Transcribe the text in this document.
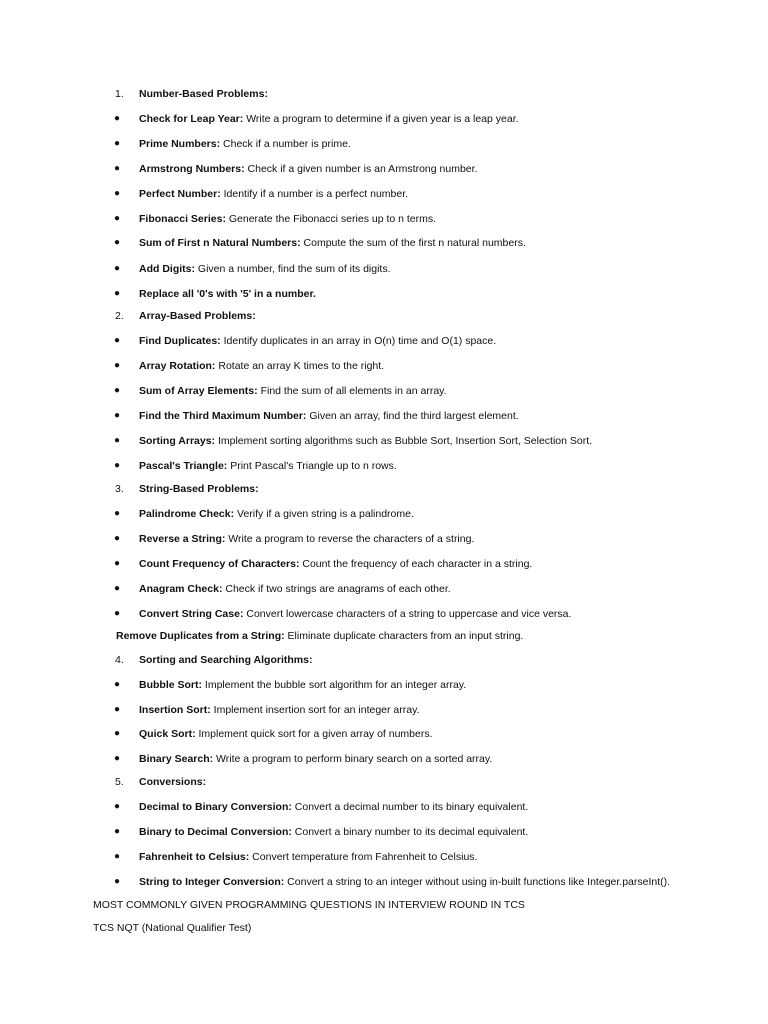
1. Number-Based Problems:
● Check for Leap Year: Write a program to determine if a given year is a leap year.
● Prime Numbers: Check if a number is prime.
● Armstrong Numbers: Check if a given number is an Armstrong number.
● Perfect Number: Identify if a number is a perfect number.
● Fibonacci Series: Generate the Fibonacci series up to n terms.
● Sum of First n Natural Numbers: Compute the sum of the first n natural numbers.
● Add Digits: Given a number, find the sum of its digits.
● Replace all '0's with '5' in a number.
2. Array-Based Problems:
● Find Duplicates: Identify duplicates in an array in O(n) time and O(1) space.
● Array Rotation: Rotate an array K times to the right.
● Sum of Array Elements: Find the sum of all elements in an array.
● Find the Third Maximum Number: Given an array, find the third largest element.
● Sorting Arrays: Implement sorting algorithms such as Bubble Sort, Insertion Sort, Selection Sort.
● Pascal's Triangle: Print Pascal's Triangle up to n rows.
3. String-Based Problems:
● Palindrome Check: Verify if a given string is a palindrome.
● Reverse a String: Write a program to reverse the characters of a string.
● Count Frequency of Characters: Count the frequency of each character in a string.
● Anagram Check: Check if two strings are anagrams of each other.
● Convert String Case: Convert lowercase characters of a string to uppercase and vice versa.
Remove Duplicates from a String: Eliminate duplicate characters from an input string.
4. Sorting and Searching Algorithms:
● Bubble Sort: Implement the bubble sort algorithm for an integer array.
● Insertion Sort: Implement insertion sort for an integer array.
● Quick Sort: Implement quick sort for a given array of numbers.
● Binary Search: Write a program to perform binary search on a sorted array.
5. Conversions:
● Decimal to Binary Conversion: Convert a decimal number to its binary equivalent.
● Binary to Decimal Conversion: Convert a binary number to its decimal equivalent.
● Fahrenheit to Celsius: Convert temperature from Fahrenheit to Celsius.
● String to Integer Conversion: Convert a string to an integer without using in-built functions like Integer.parseInt().
MOST COMMONLY GIVEN PROGRAMMING QUESTIONS IN INTERVIEW ROUND IN TCS
TCS NQT (National Qualifier Test)
